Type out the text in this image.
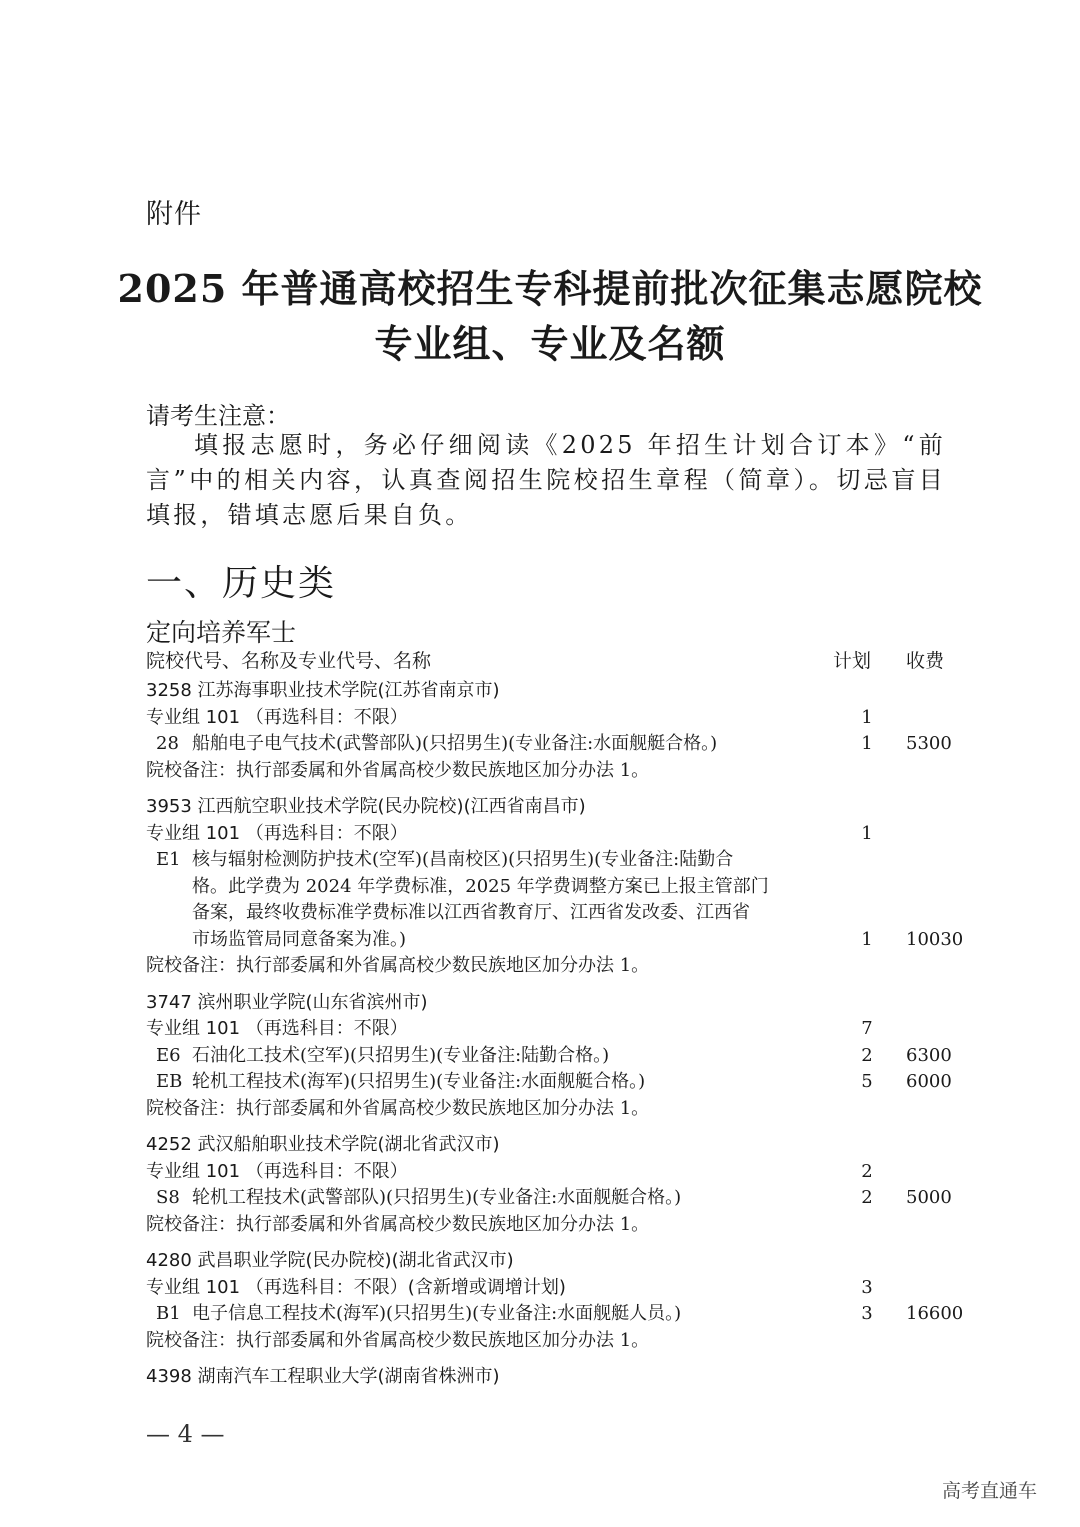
附件
2025 年普通高校招生专科提前批次征集志愿院校
专业组、专业及名额
请考生注意：
填报志愿时，务必仔细阅读《2025 年招生计划合订本》“前言”中的相关内容，认真查阅招生院校招生章程（简章）。切忌盲目填报，错填志愿后果自负。
一、历史类
定向培养军士
院校代号、名称及专业代号、名称	计划 收费
3258 江苏海事职业技术学院(江苏省南京市)
专业组 101 （再选科目：不限）	1
28 船舶电子电气技术(武警部队)(只招男生)(专业备注:水面舰艇合格。)	1 5300
院校备注：执行部委属和外省属高校少数民族地区加分办法 1。
3953 江西航空职业技术学院(民办院校)(江西省南昌市)
专业组 101 （再选科目：不限）	1
E1 核与辐射检测防护技术(空军)(昌南校区)(只招男生)(专业备注:陆勤合
格。此学费为 2024 年学费标准，2025 年学费调整方案已上报主管部门
备案，最终收费标准学费标准以江西省教育厅、江西省发改委、江西省
市场监管局同意备案为准。)	1 10030
院校备注：执行部委属和外省属高校少数民族地区加分办法 1。
3747 滨州职业学院(山东省滨州市)
专业组 101 （再选科目：不限）	7
E6 石油化工技术(空军)(只招男生)(专业备注:陆勤合格。)	2 6300
EB 轮机工程技术(海军)(只招男生)(专业备注:水面舰艇合格。)	5 6000
院校备注：执行部委属和外省属高校少数民族地区加分办法 1。
4252 武汉船舶职业技术学院(湖北省武汉市)
专业组 101 （再选科目：不限）	2
S8 轮机工程技术(武警部队)(只招男生)(专业备注:水面舰艇合格。)	2 5000
院校备注：执行部委属和外省属高校少数民族地区加分办法 1。
4280 武昌职业学院(民办院校)(湖北省武汉市)
专业组 101 （再选科目：不限）(含新增或调增计划)	3
B1 电子信息工程技术(海军)(只招男生)(专业备注:水面舰艇人员。)	3 16600
院校备注：执行部委属和外省属高校少数民族地区加分办法 1。
4398 湖南汽车工程职业大学(湖南省株洲市)
— 4 —
高考直通车
